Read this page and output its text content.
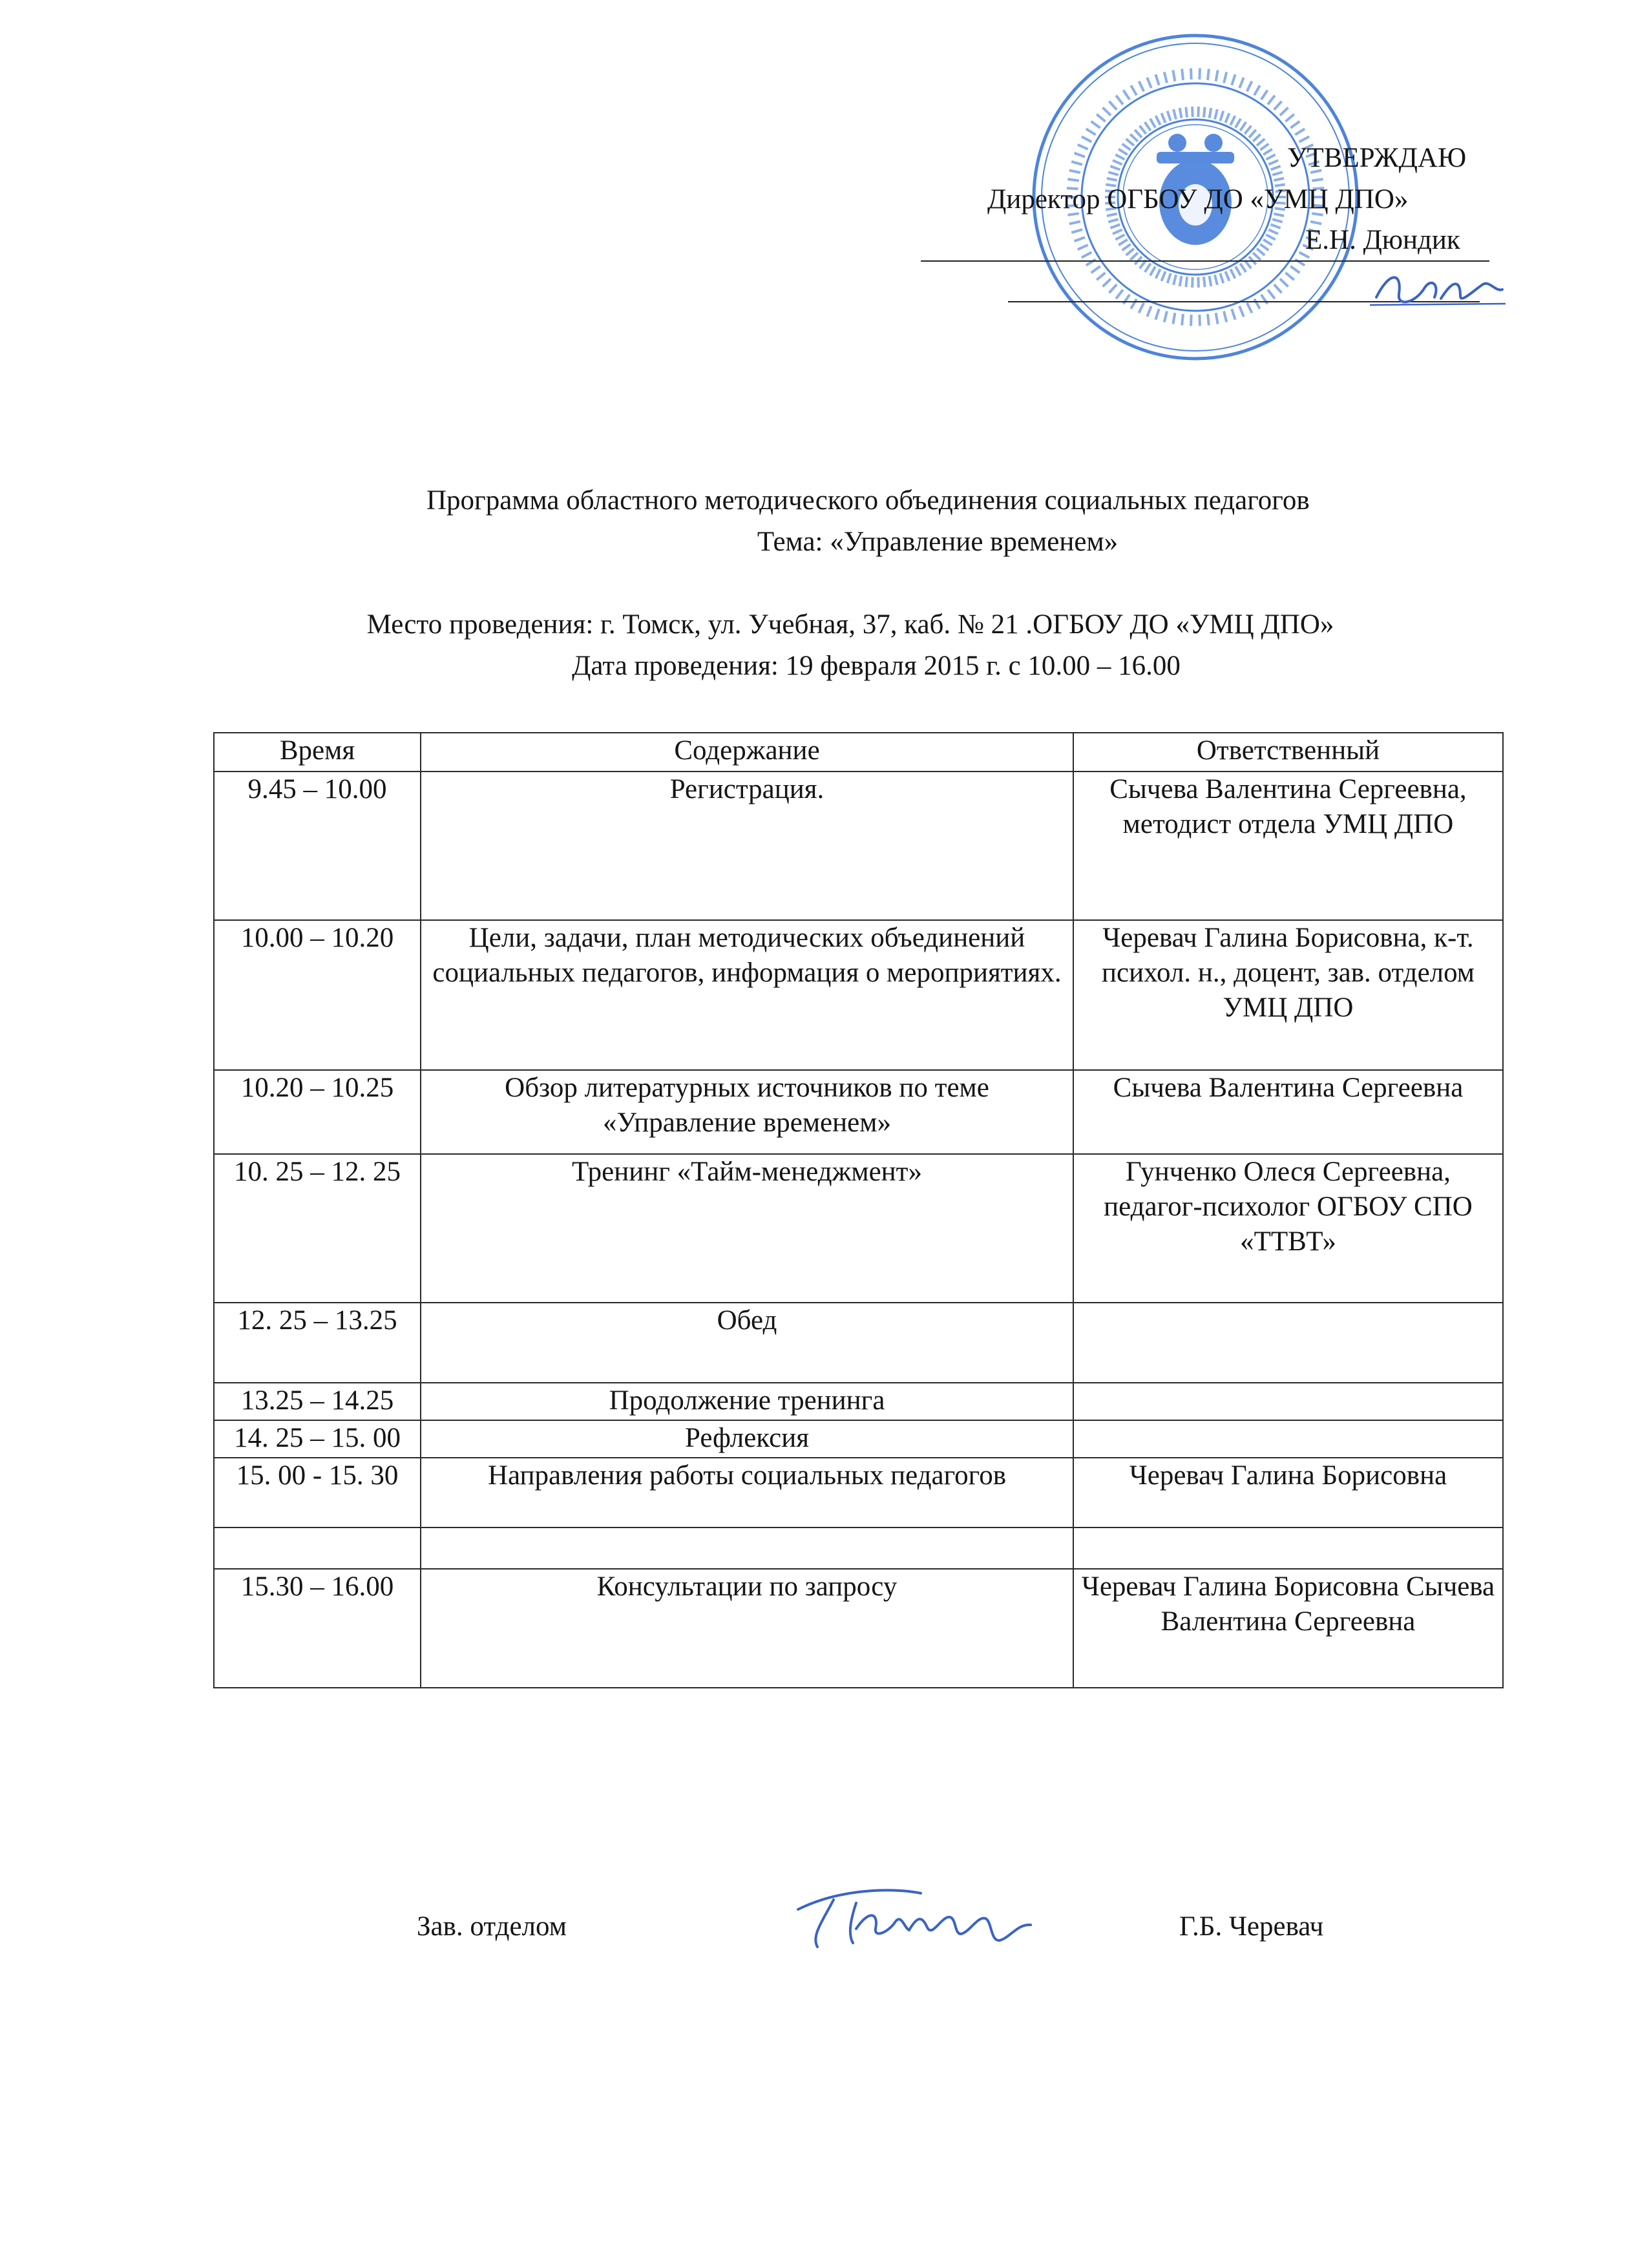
УТВЕРЖДАЮ
Директор ОГБОУ ДО «УМЦ ДПО»
Е.Н. Дюндик
Программа областного методического объединения социальных педагогов
Тема: «Управление временем»
Место проведения: г. Томск, ул. Учебная, 37, каб. № 21 .ОГБОУ ДО «УМЦ ДПО»
Дата проведения: 19 февраля 2015 г. с 10.00 – 16.00
Время	Содержание	Ответственный
9.45 – 10.00	Регистрация.	Сычева Валентина Сергеевна, методист отдела УМЦ ДПО
10.00 – 10.20	Цели, задачи, план методических объединений социальных педагогов, информация о мероприятиях.	Черевач Галина Борисовна, к-т. психол. н., доцент, зав. отделом УМЦ ДПО
10.20 – 10.25	Обзор литературных источников по теме «Управление временем»	Сычева Валентина Сергеевна
10. 25 – 12. 25	Тренинг «Тайм-менеджмент»	Гунченко Олеся Сергеевна, педагог-психолог ОГБОУ СПО «ТТВТ»
12. 25 – 13.25	Обед	
13.25 – 14.25	Продолжение тренинга	
14. 25 – 15. 00	Рефлексия	
15. 00 - 15. 30	Направления работы социальных педагогов	Черевач Галина Борисовна

15.30 – 16.00	Консультации по запросу	Черевач Галина Борисовна Сычева Валентина Сергеевна
Зав. отделом	Г.Б. Черевач
